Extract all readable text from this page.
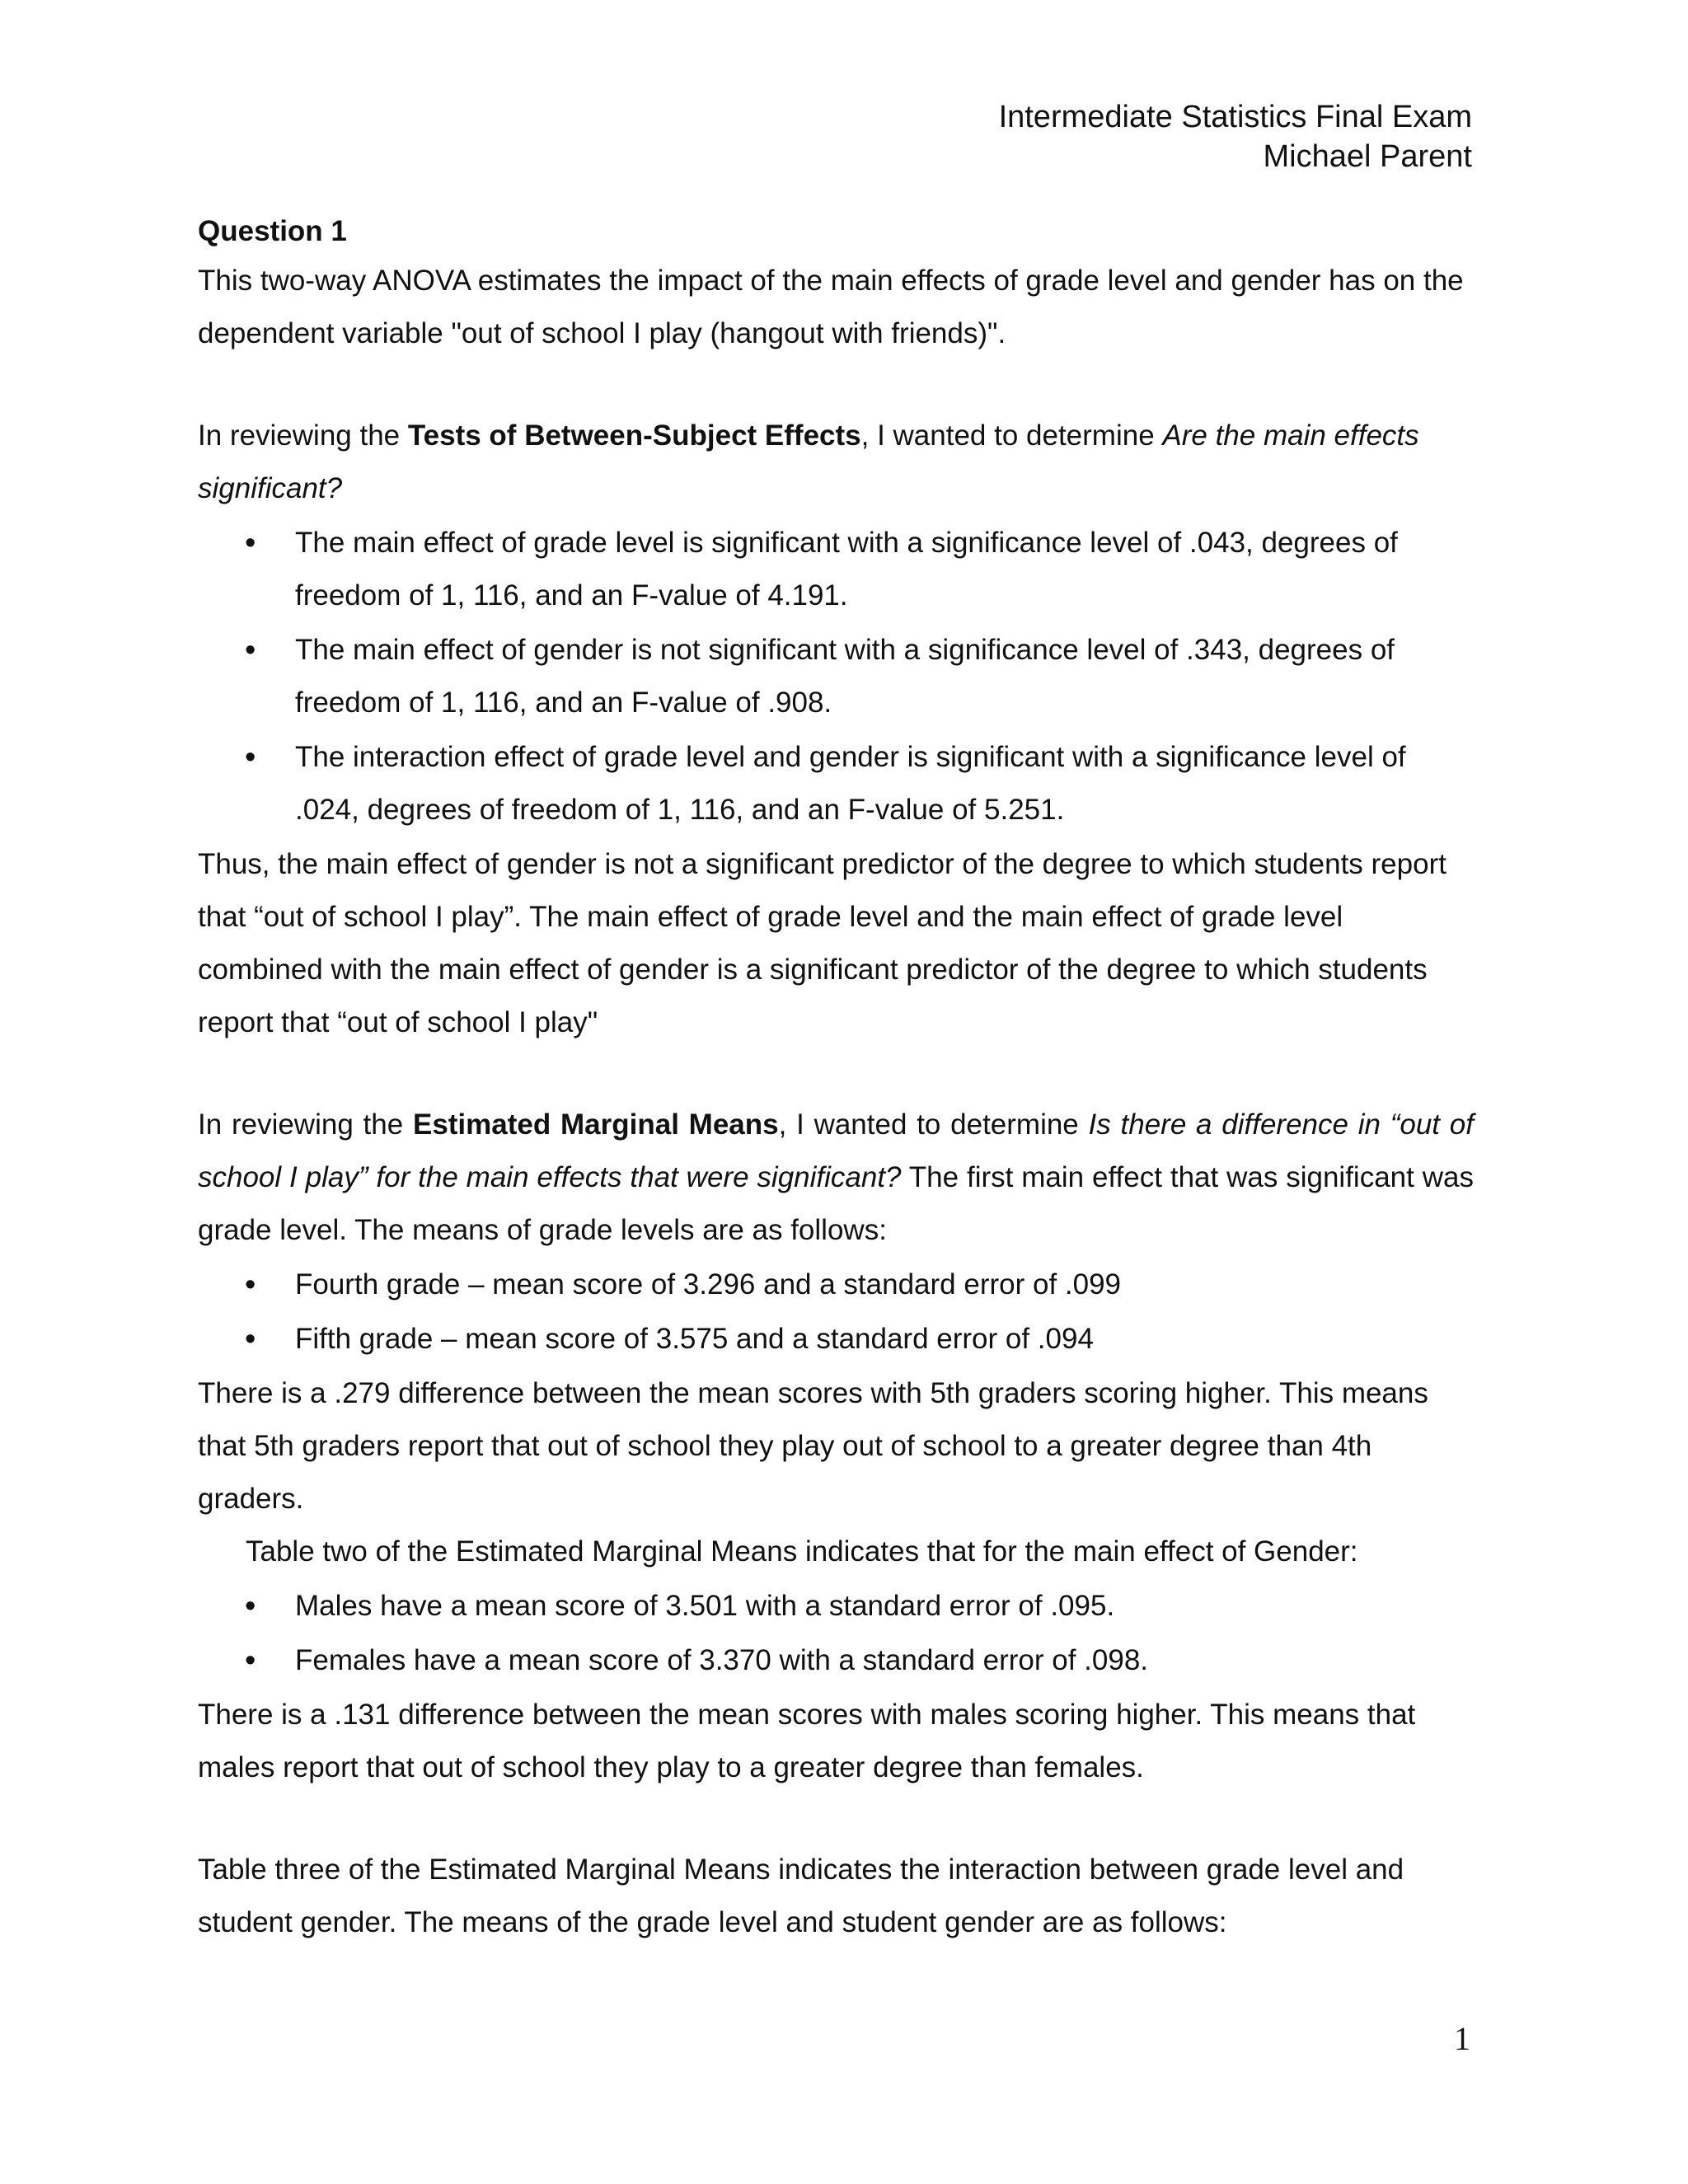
Intermediate Statistics Final Exam
Michael Parent

Question 1

This two-way ANOVA estimates the impact of the main effects of grade level and gender has on the dependent variable "out of school I play (hangout with friends)".

In reviewing the Tests of Between-Subject Effects, I wanted to determine Are the main effects significant?

• The main effect of grade level is significant with a significance level of .043, degrees of freedom of 1, 116, and an F-value of 4.191.
• The main effect of gender is not significant with a significance level of .343, degrees of freedom of 1, 116, and an F-value of .908.
• The interaction effect of grade level and gender is significant with a significance level of .024, degrees of freedom of 1, 116, and an F-value of 5.251.

Thus, the main effect of gender is not a significant predictor of the degree to which students report that “out of school I play”. The main effect of grade level and the main effect of grade level combined with the main effect of gender is a significant predictor of the degree to which students report that “out of school I play"

In reviewing the Estimated Marginal Means, I wanted to determine Is there a difference in “out of school I play” for the main effects that were significant? The first main effect that was significant was grade level. The means of grade levels are as follows:

• Fourth grade – mean score of 3.296 and a standard error of .099
• Fifth grade – mean score of 3.575 and a standard error of .094

There is a .279 difference between the mean scores with 5th graders scoring higher. This means that 5th graders report that out of school they play out of school to a greater degree than 4th graders.

Table two of the Estimated Marginal Means indicates that for the main effect of Gender:

• Males have a mean score of 3.501 with a standard error of .095.
• Females have a mean score of 3.370 with a standard error of .098.

There is a .131 difference between the mean scores with males scoring higher. This means that males report that out of school they play to a greater degree than females.

Table three of the Estimated Marginal Means indicates the interaction between grade level and student gender. The means of the grade level and student gender are as follows:

1
